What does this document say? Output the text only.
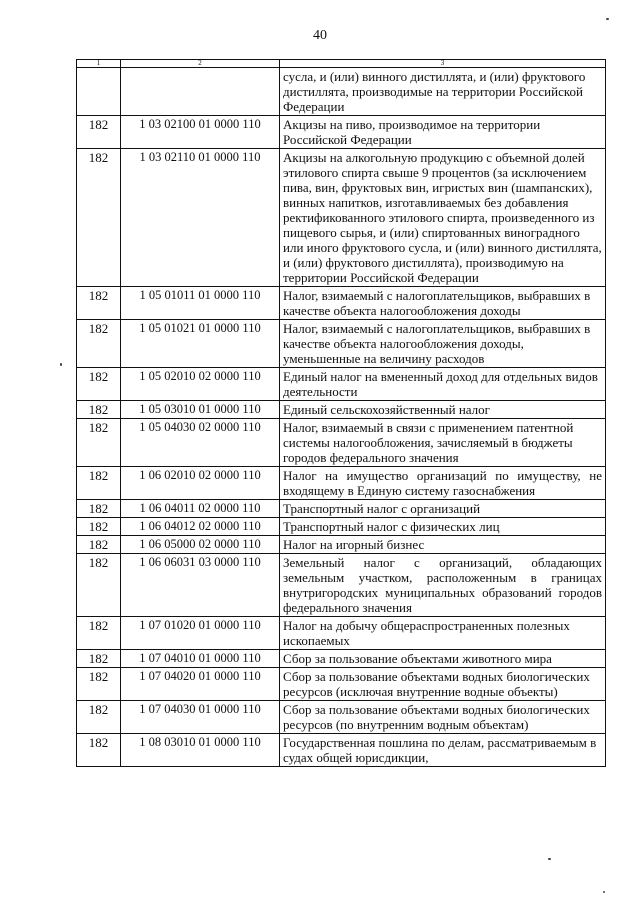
40
1	2	3
		сусла, и (или) винного дистиллята, и (или) фруктового дистиллята, производимые на территории Российской Федерации
182	1 03 02100 01 0000 110	Акцизы на пиво, производимое на территории Российской Федерации
182	1 03 02110 01 0000 110	Акцизы на алкогольную продукцию с объемной долей этилового спирта свыше 9 процентов (за исключением пива, вин, фруктовых вин, игристых вин (шампанских), винных напитков, изготавливаемых без добавления ректификованного этилового спирта, произведенного из пищевого сырья, и (или) спиртованных виноградного или иного фруктового сусла, и (или) винного дистиллята, и (или) фруктового дистиллята), производимую на территории Российской Федерации
182	1 05 01011 01 0000 110	Налог, взимаемый с налогоплательщиков, выбравших в качестве объекта налогообложения доходы
182	1 05 01021 01 0000 110	Налог, взимаемый с налогоплательщиков, выбравших в качестве объекта налогообложения доходы, уменьшенные на величину расходов
182	1 05 02010 02 0000 110	Единый налог на вмененный доход для отдельных видов деятельности
182	1 05 03010 01 0000 110	Единый сельскохозяйственный налог
182	1 05 04030 02 0000 110	Налог, взимаемый в связи с применением патентной системы налогообложения, зачисляемый в бюджеты городов федерального значения
182	1 06 02010 02 0000 110	Налог на имущество организаций по имуществу, не входящему в Единую систему газоснабжения
182	1 06 04011 02 0000 110	Транспортный налог с организаций
182	1 06 04012 02 0000 110	Транспортный налог с физических лиц
182	1 06 05000 02 0000 110	Налог на игорный бизнес
182	1 06 06031 03 0000 110	Земельный налог с организаций, обладающих земельным участком, расположенным в границах внутригородских муниципальных образований городов федерального значения
182	1 07 01020 01 0000 110	Налог на добычу общераспространенных полезных ископаемых
182	1 07 04010 01 0000 110	Сбор за пользование объектами животного мира
182	1 07 04020 01 0000 110	Сбор за пользование объектами водных биологических ресурсов (исключая внутренние водные объекты)
182	1 07 04030 01 0000 110	Сбор за пользование объектами водных биологических ресурсов (по внутренним водным объектам)
182	1 08 03010 01 0000 110	Государственная пошлина по делам, рассматриваемым в судах общей юрисдикции,
